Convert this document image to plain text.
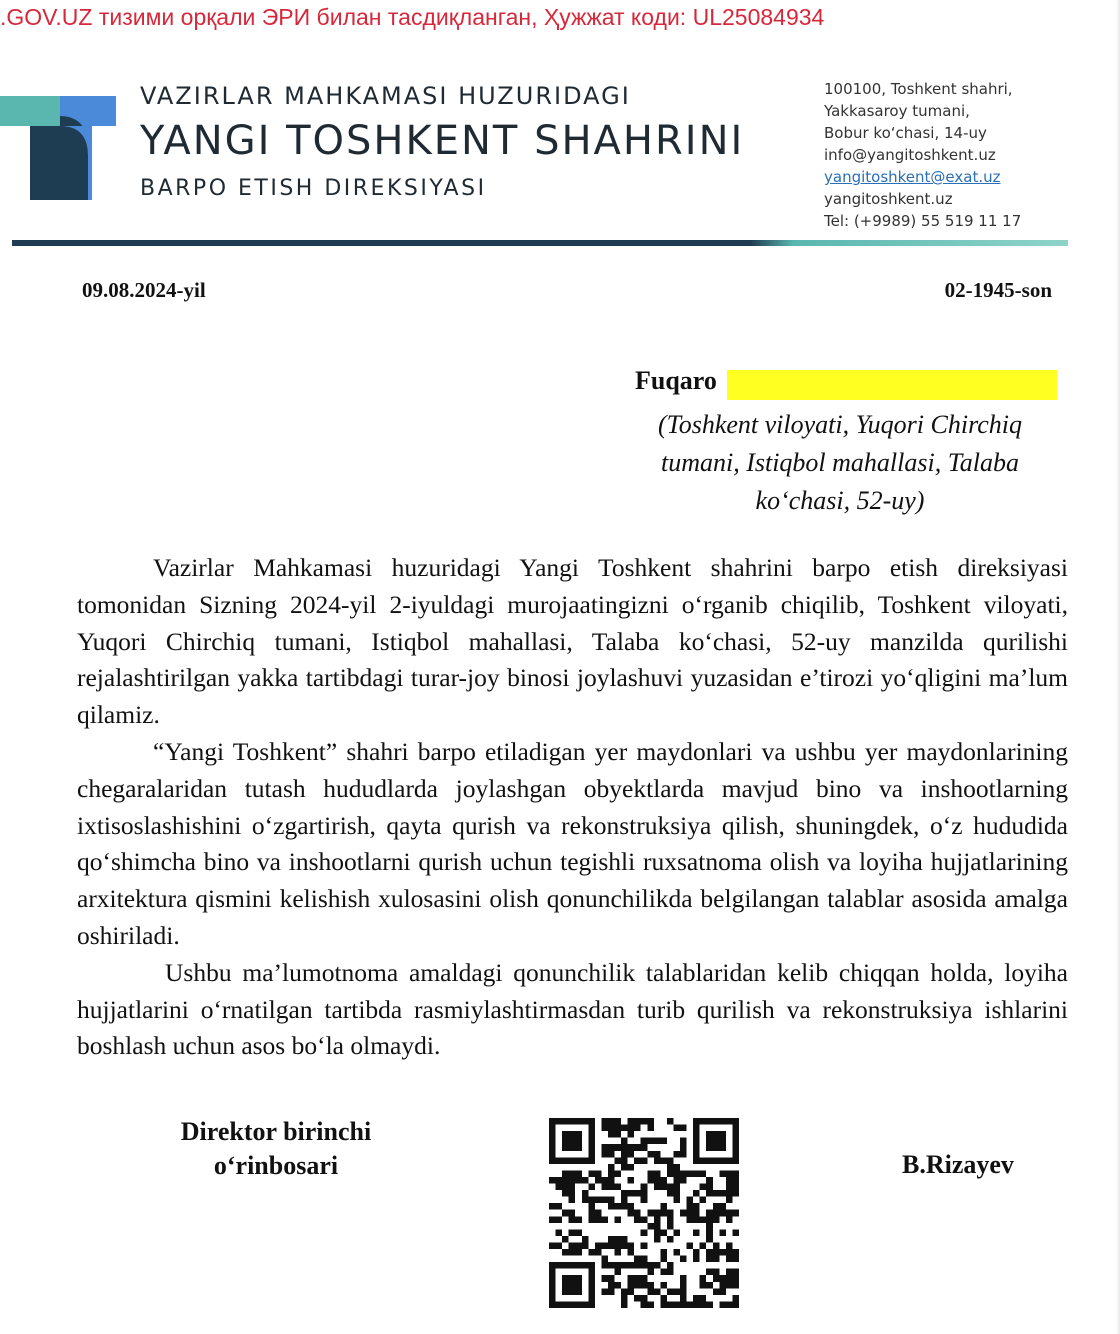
.GOV.UZ тизими орқали ЭРИ билан тасдиқланган, Ҳужжат коди: UL25084934
VAZIRLAR MAHKAMASI HUZURIDAGI
YANGI TOSHKENT SHAHRINI
BARPO ETISH DIREKSIYASI
100100, Toshkent shahri,
Yakkasaroy tumani,
Bobur ko‘chasi, 14-uy
info@yangitoshkent.uz
yangitoshkent@exat.uz
yangitoshkent.uz
Tel: (+9989) 55 519 11 17
09.08.2024-yil	02-1945-son
Fuqaro
(Toshkent viloyati, Yuqori Chirchiq
tumani, Istiqbol mahallasi, Talaba
ko‘chasi, 52-uy)

Vazirlar Mahkamasi huzuridagi Yangi Toshkent shahrini barpo etish direksiyasi tomonidan Sizning 2024-yil 2-iyuldagi murojaatingizni o‘rganib chiqilib, Toshkent viloyati, Yuqori Chirchiq tumani, Istiqbol mahallasi, Talaba ko‘chasi, 52-uy manzilda qurilishi rejalashtirilgan yakka tartibdagi turar-joy binosi joylashuvi yuzasidan e’tirozi yo‘qligini ma’lum qilamiz.

“Yangi Toshkent” shahri barpo etiladigan yer maydonlari va ushbu yer maydonlarining chegaralaridan tutash hududlarda joylashgan obyektlarda mavjud bino va inshootlarning ixtisoslashishini o‘zgartirish, qayta qurish va rekonstruksiya qilish, shuningdek, o‘z hududida qo‘shimcha bino va inshootlarni qurish uchun tegishli ruxsatnoma olish va loyiha hujjatlarining arxitektura qismini kelishish xulosasini olish qonunchilikda belgilangan talablar asosida amalga oshiriladi.

Ushbu ma’lumotnoma amaldagi qonunchilik talablaridan kelib chiqqan holda, loyiha hujjatlarini o‘rnatilgan tartibda rasmiylashtirmasdan turib qurilish va rekonstruksiya ishlarini boshlash uchun asos bo‘la olmaydi.

Direktor birinchi
o‘rinbosari	B.Rizayev
